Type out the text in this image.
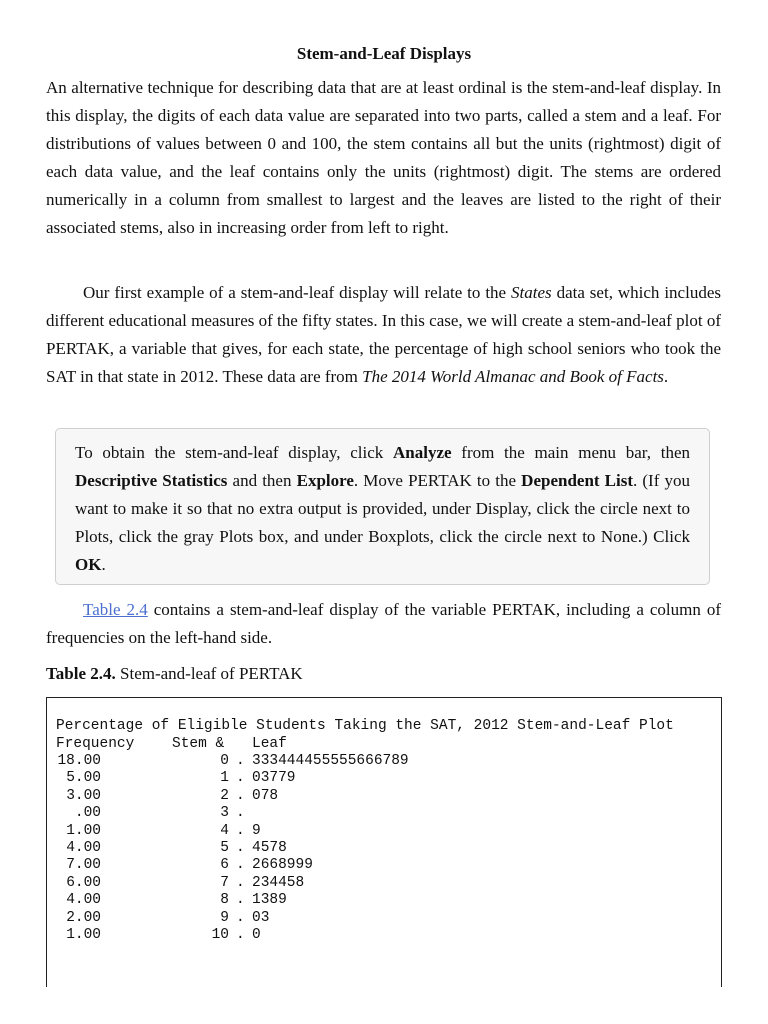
Stem-and-Leaf Displays

An alternative technique for describing data that are at least ordinal is the stem-and-leaf display. In this display, the digits of each data value are separated into two parts, called a stem and a leaf. For distributions of values between 0 and 100, the stem contains all but the units (rightmost) digit of each data value, and the leaf contains only the units (rightmost) digit. The stems are ordered numerically in a column from smallest to largest and the leaves are listed to the right of their associated stems, also in increasing order from left to right.

Our first example of a stem-and-leaf display will relate to the States data set, which includes different educational measures of the fifty states. In this case, we will create a stem-and-leaf plot of PERTAK, a variable that gives, for each state, the percentage of high school seniors who took the SAT in that state in 2012. These data are from The 2014 World Almanac and Book of Facts.

To obtain the stem-and-leaf display, click Analyze from the main menu bar, then Descriptive Statistics and then Explore. Move PERTAK to the Dependent List. (If you want to make it so that no extra output is provided, under Display, click the circle next to Plots, click the gray Plots box, and under Boxplots, click the circle next to None.) Click OK.

Table 2.4 contains a stem-and-leaf display of the variable PERTAK, including a column of frequencies on the left-hand side.

Table 2.4. Stem-and-leaf of PERTAK
Percentage of Eligible Students Taking the SAT, 2012 Stem-and-Leaf Plot
Frequency	Stem & Leaf
18.00	0 . 333444455555666789
5.00	1 . 03779
3.00	2 . 078
.00	3 .
1.00	4 . 9
4.00	5 . 4578
7.00	6 . 2668999
6.00	7 . 234458
4.00	8 . 1389
2.00	9 . 03
1.00	10 . 0
